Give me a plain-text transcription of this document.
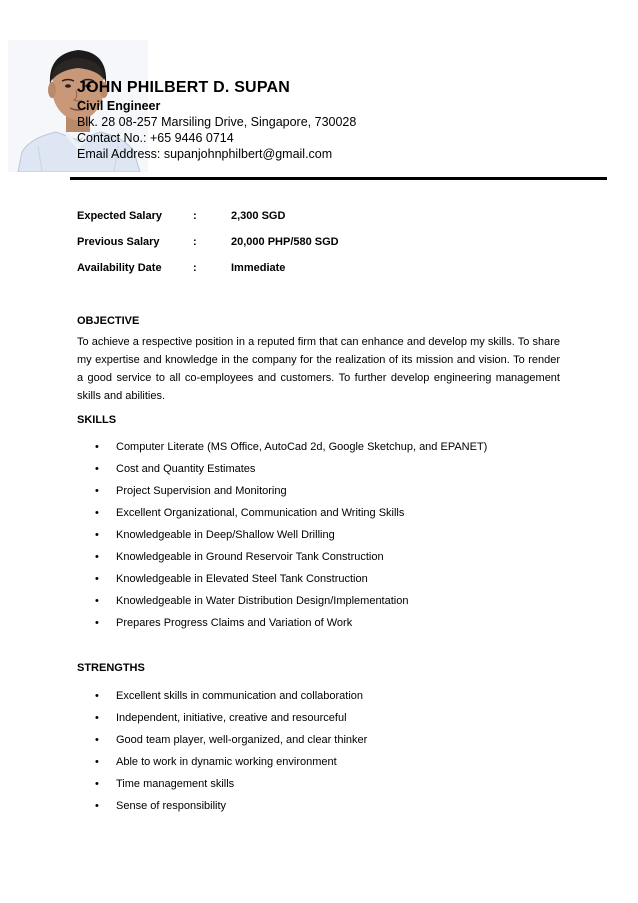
JOHN PHILBERT D. SUPAN
Civil Engineer
Blk. 28 08-257 Marsiling Drive, Singapore, 730028
Contact No.: +65 9446 0714
Email Address: supanjohnphilbert@gmail.com
Expected Salary	:	2,300 SGD
Previous Salary	:	20,000 PHP/580 SGD
Availability Date	:	Immediate
OBJECTIVE

To achieve a respective position in a reputed firm that can enhance and develop my skills. To share my expertise and knowledge in the company for the realization of its mission and vision. To render a good service to all co-employees and customers. To further develop engineering management skills and abilities.

SKILLS
• Computer Literate (MS Office, AutoCad 2d, Google Sketchup, and EPANET)
• Cost and Quantity Estimates
• Project Supervision and Monitoring
• Excellent Organizational, Communication and Writing Skills
• Knowledgeable in Deep/Shallow Well Drilling
• Knowledgeable in Ground Reservoir Tank Construction
• Knowledgeable in Elevated Steel Tank Construction
• Knowledgeable in Water Distribution Design/Implementation
• Prepares Progress Claims and Variation of Work
STRENGTHS
• Excellent skills in communication and collaboration
• Independent, initiative, creative and resourceful
• Good team player, well-organized, and clear thinker
• Able to work in dynamic working environment
• Time management skills
• Sense of responsibility
